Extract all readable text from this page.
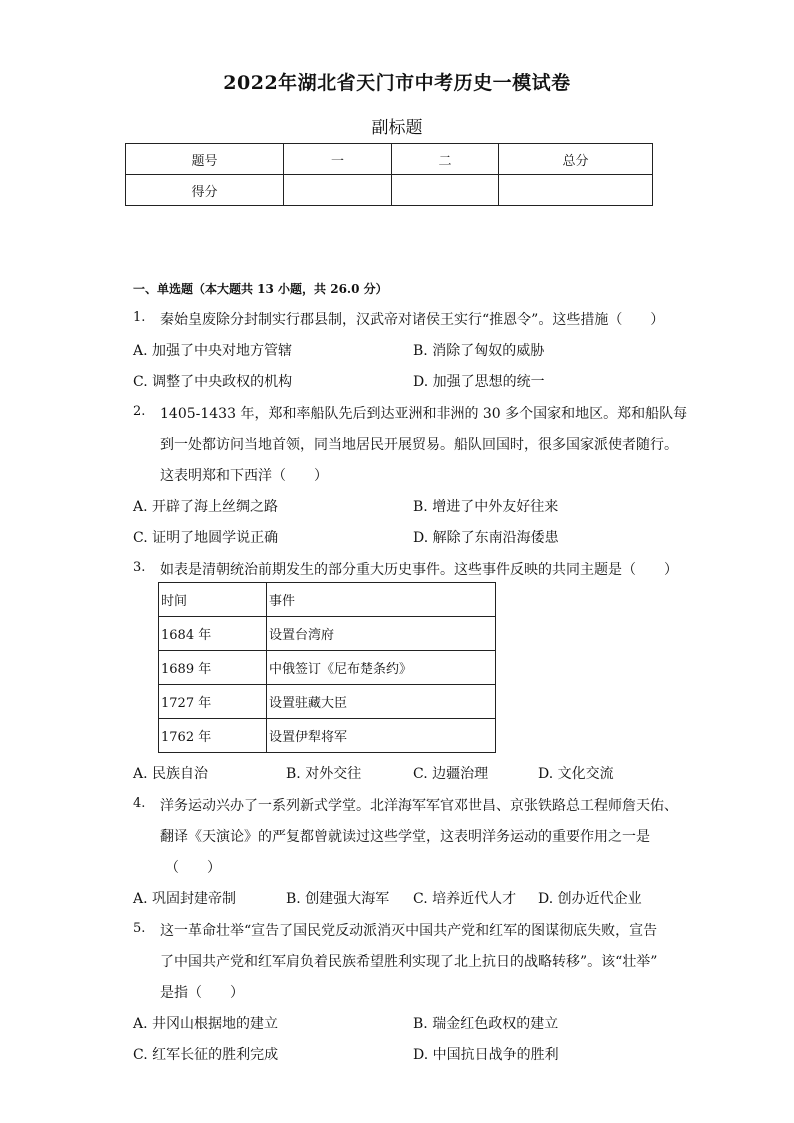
2022年湖北省天门市中考历史一模试卷
副标题
题号	一	二	总分
得分			
一、单选题（本大题共 13 小题，共 26.0 分）
1. 秦始皇废除分封制实行郡县制，汉武帝对诸侯王实行“推恩令”。这些措施（　　）
A. 加强了中央对地方管辖	B. 消除了匈奴的威胁
C. 调整了中央政权的机构	D. 加强了思想的统一
2. 1405-1433 年，郑和率船队先后到达亚洲和非洲的 30 多个国家和地区。郑和船队每
到一处都访问当地首领，同当地居民开展贸易。船队回国时，很多国家派使者随行。
这表明郑和下西洋（　　）
A. 开辟了海上丝绸之路	B. 增进了中外友好往来
C. 证明了地圆学说正确	D. 解除了东南沿海倭患
3. 如表是清朝统治前期发生的部分重大历史事件。这些事件反映的共同主题是（　　）
时间	事件
1684 年	设置台湾府
1689 年	中俄签订《尼布楚条约》
1727 年	设置驻藏大臣
1762 年	设置伊犁将军
A. 民族自治	B. 对外交往	C. 边疆治理	D. 文化交流
4. 洋务运动兴办了一系列新式学堂。北洋海军军官邓世昌、京张铁路总工程师詹天佑、
翻译《天演论》的严复都曾就读过这些学堂，这表明洋务运动的重要作用之一是
（　　）
A. 巩固封建帝制	B. 创建强大海军 C. 培养近代人才 D. 创办近代企业
5. 这一革命壮举“宣告了国民党反动派消灭中国共产党和红军的图谋彻底失败，宣告
了中国共产党和红军肩负着民族希望胜利实现了北上抗日的战略转移”。该“壮举”
是指（　　）
A. 井冈山根据地的建立	B. 瑞金红色政权的建立
C. 红军长征的胜利完成	D. 中国抗日战争的胜利
